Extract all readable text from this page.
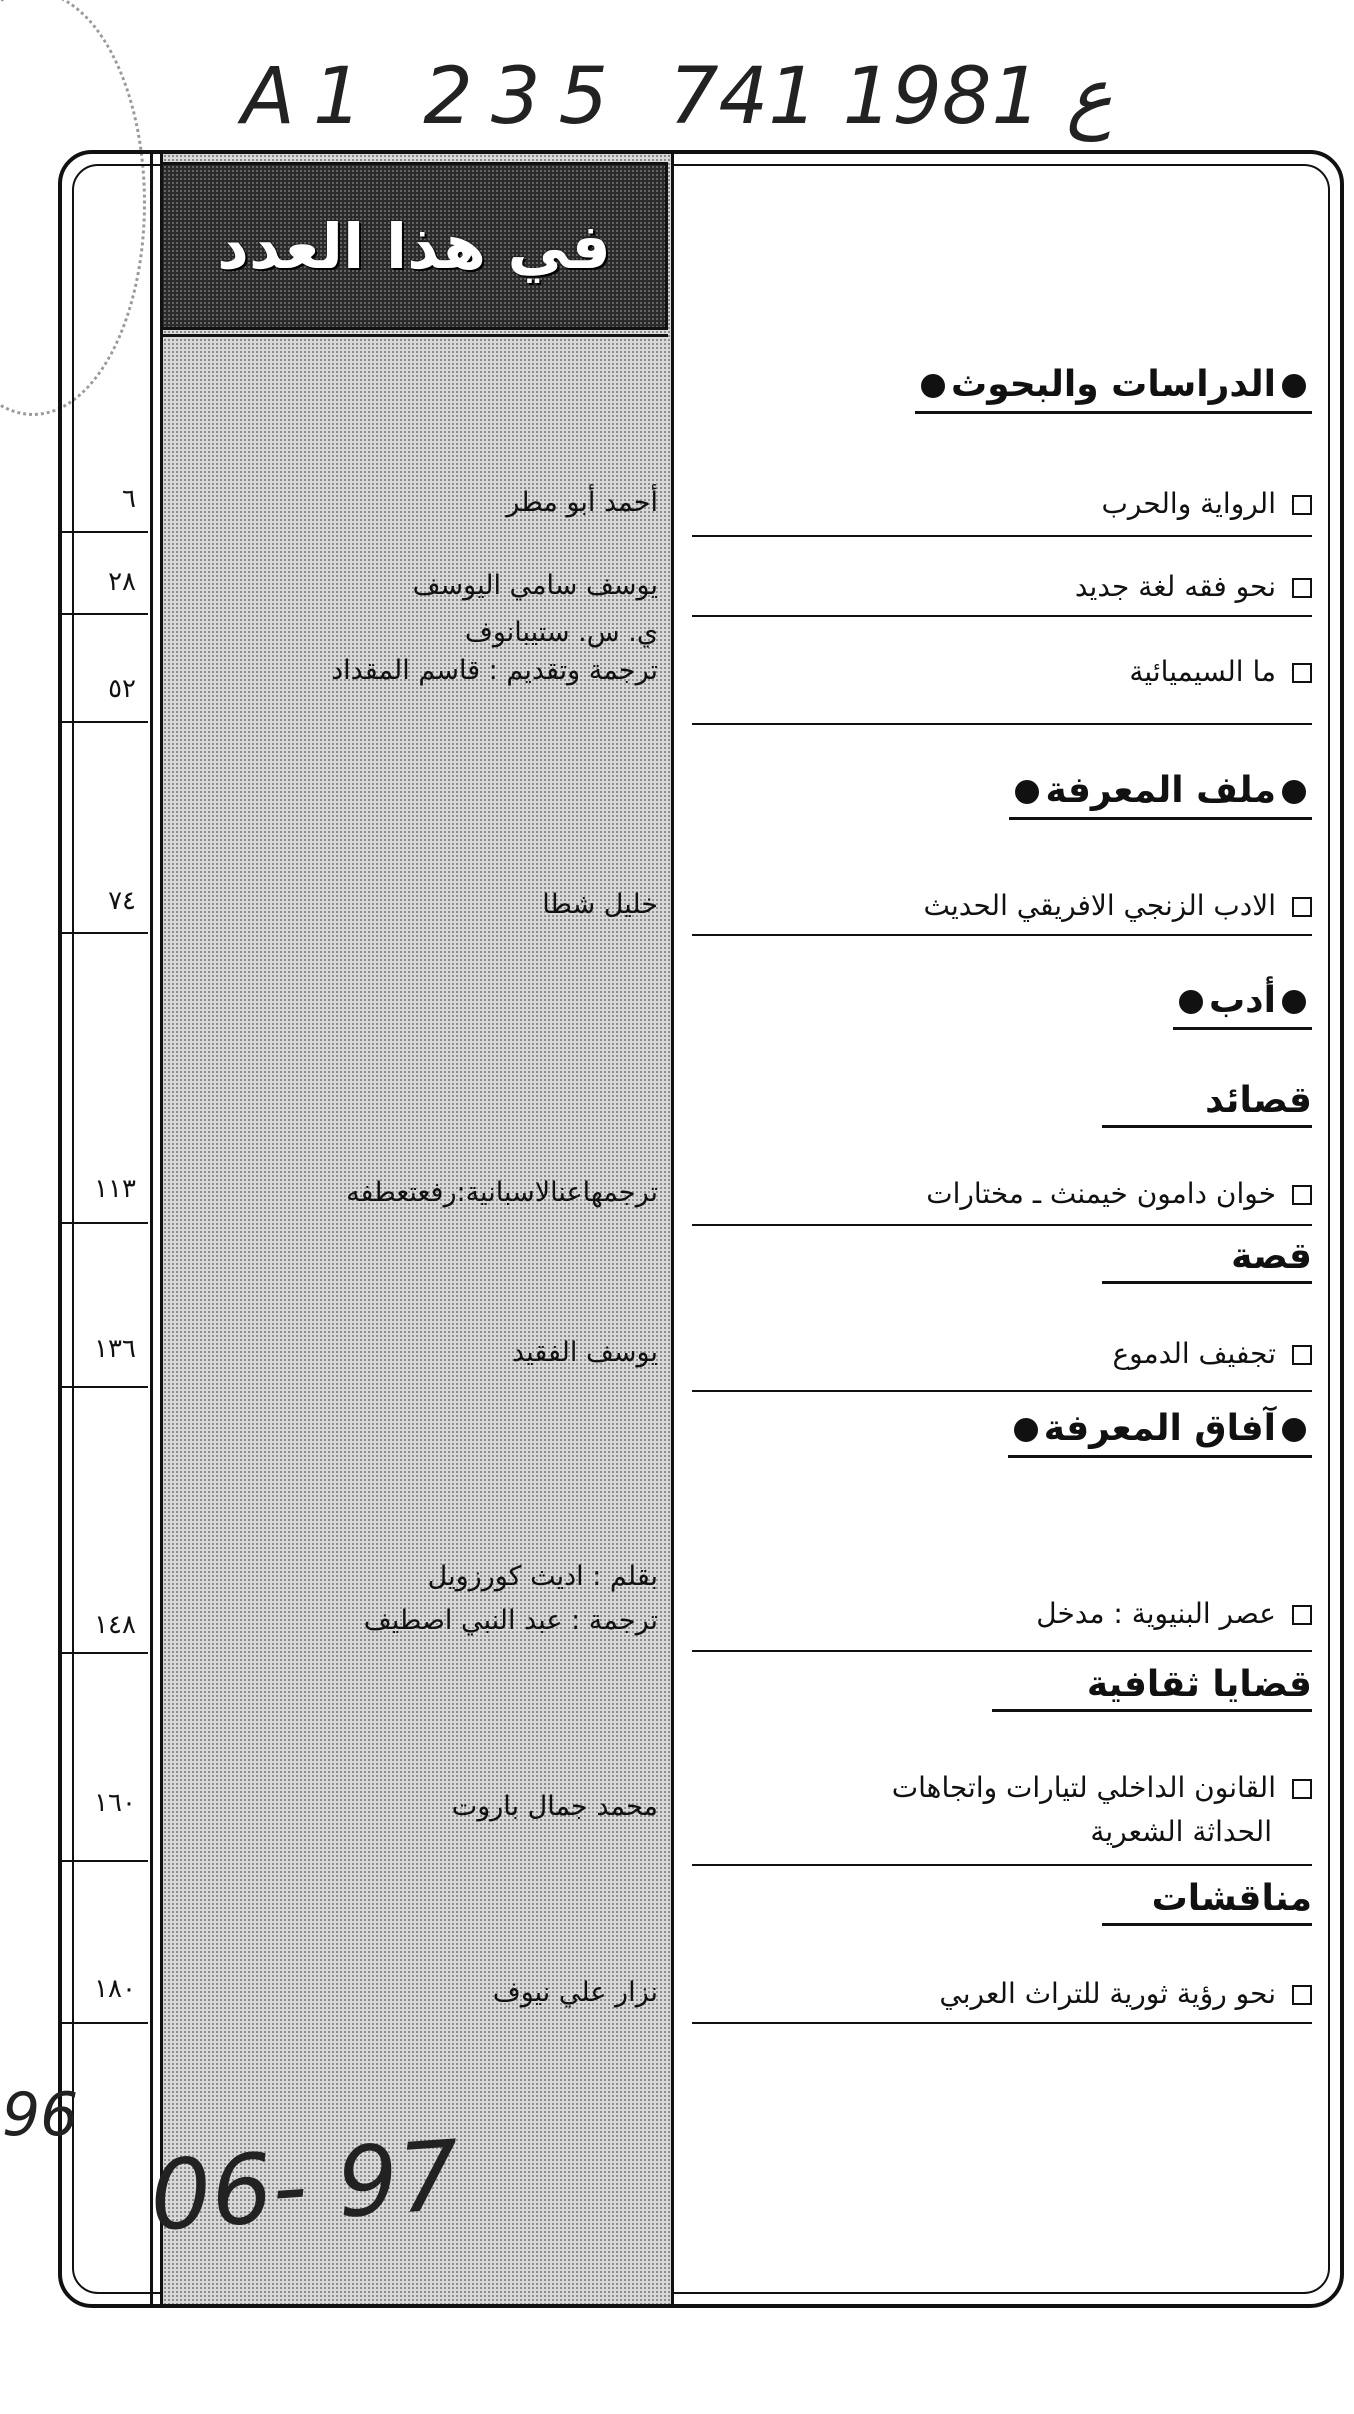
A1 235 ع 1981 741
في هذا العدد
الدراسات والبحوث
الرواية والحرب
أحمد أبو مطر
٦
نحو فقه لغة جديد
يوسف سامي اليوسف
٢٨
ما السيميائية
ي. س. ستيبانوف
ترجمة وتقديم : قاسم المقداد
٥٢
ملف المعرفة
الادب الزنجي الافريقي الحديث
خليل شطا
٧٤
أدب
قصائد
خوان دامون خيمنث ـ مختارات
ترجمهاعنالاسبانية:رفعتعطفه
١١٣
قصة
تجفيف الدموع
يوسف الفقيد
١٣٦
آفاق المعرفة
عصر البنيوية : مدخل
بقلم : اديث كورزويل
ترجمة : عبد النبي اصطيف
١٤٨
قضايا ثقافية
القانون الداخلي لتيارات واتجاهات
الحداثة الشعرية
محمد جمال باروت
١٦٠
مناقشات
نحو رؤية ثورية للتراث العربي
نزار علي نيوف
١٨٠
96
06- 97
